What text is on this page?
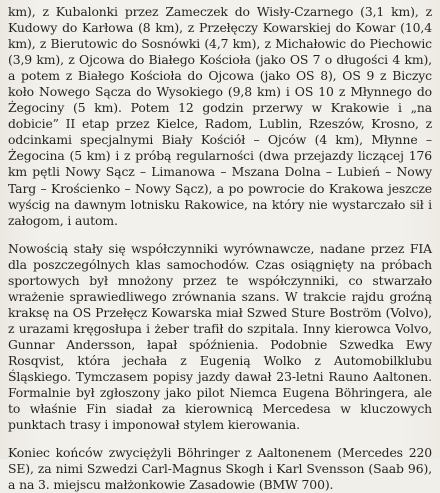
km), z Kubalonki przez Zameczek do Wisły-Czarnego (3,1 km), z Kudowy do Karłowa (8 km), z Przełęczy Kowarskiej do Kowar (10,4 km), z Bierutowic do Sosnówki (4,7 km), z Michałowic do Piechowic (3,9 km), z Ojcowa do Białego Kościoła (jako OS 7 o długości 4 km), a potem z Białego Kościoła do Ojcowa (jako OS 8), OS 9 z Biczyc koło Nowego Sącza do Wysokiego (9,8 km) i OS 10 z Młynnego do Żegociny (5 km). Potem 12 godzin przerwy w Krakowie i „na dobicie” II etap przez Kielce, Radom, Lublin, Rzeszów, Krosno, z odcinkami specjalnymi Biały Kościół – Ojców (4 km), Młynne – Żegocina (5 km) i z próbą regularności (dwa przejazdy liczącej 176 km pętli Nowy Sącz – Limanowa – Mszana Dolna – Lubień – Nowy Targ – Krościenko – Nowy Sącz), a po powrocie do Krakowa jeszcze wyścig na dawnym lotnisku Rakowice, na który nie wystarczało sił i załogom, i autom.

Nowością stały się współczynniki wyrównawcze, nadane przez FIA dla poszczególnych klas samochodów. Czas osiągnięty na próbach sportowych był mnożony przez te współczynniki, co stwarzało wrażenie sprawiedliwego zrównania szans. W trakcie rajdu groźną kraksę na OS Przełęcz Kowarska miał Szwed Sture Boström (Volvo), z urazami kręgosłupa i żeber trafił do szpitala. Inny kierowca Volvo, Gunnar Andersson, łapał spóźnienia. Podobnie Szwedka Ewy Rosqvist, która jechała z Eugenią Wolko z Automobilklubu Śląskiego. Tymczasem popisy jazdy dawał 23-letni Rauno Aaltonen. Formalnie był zgłoszony jako pilot Niemca Eugena Böhringera, ale to właśnie Fin siadał za kierownicą Mercedesa w kluczowych punktach trasy i imponował stylem kierowania.

Koniec końców zwyciężyli Böhringer z Aaltonenem (Mercedes 220 SE), za nimi Szwedzi Carl-Magnus Skogh i Karl Svensson (Saab 96), a na 3. miejscu małżonkowie Zasadowie (BMW 700).
